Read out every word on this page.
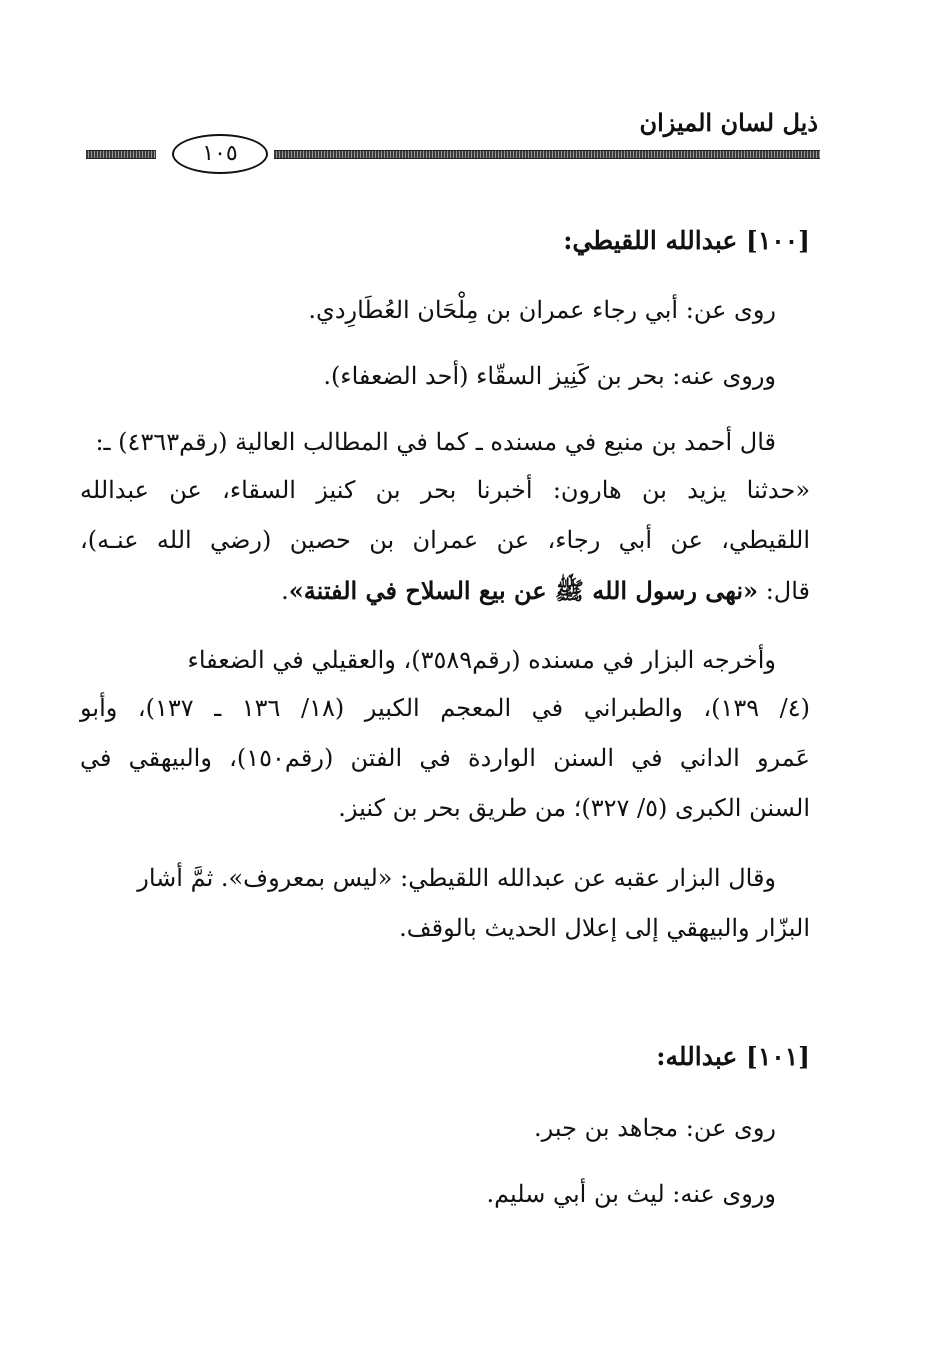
ذيل لسان الميزان
١٠٥
[١٠٠] عبدالله اللقيطي:
روى عن: أبي رجاء عمران بن مِلْحَان العُطَارِدي.
وروى عنه: بحر بن كَنِيز السقّاء (أحد الضعفاء).
قال أحمد بن منيع في مسنده ـ كما في المطالب العالية (رقم٤٣٦٣) ـ:
«حدثنا يزيد بن هارون: أخبرنا بحر بن كنيز السقاء، عن عبدالله
اللقيطي، عن أبي رجاء، عن عمران بن حصين (رضي الله عنـه)،
قال: «نهى رسول الله ﷺ عن بيع السلاح في الفتنة».
وأخرجه البزار في مسنده (رقم٣٥٨٩)، والعقيلي في الضعفاء
(٤/ ١٣٩)، والطبراني في المعجم الكبير (١٨/ ١٣٦ ـ ١٣٧)، وأبو
عَمرو الداني في السنن الواردة في الفتن (رقم١٥٠)، والبيهقي في
السنن الكبرى (٥/ ٣٢٧)؛ من طريق بحر بن كنيز.
وقال البزار عقبه عن عبدالله اللقيطي: «ليس بمعروف». ثمَّ أشار
البزّار والبيهقي إلى إعلال الحديث بالوقف.
[١٠١] عبدالله:
روى عن: مجاهد بن جبر.
وروى عنه: ليث بن أبي سليم.
